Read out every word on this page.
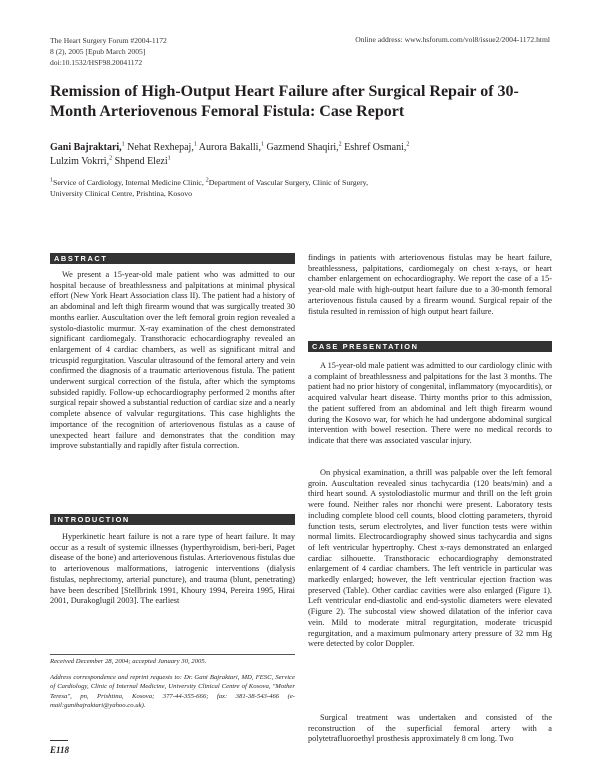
The Heart Surgery Forum #2004-1172
8 (2), 2005 [Epub March 2005]
doi:10.1532/HSF98.20041172
Online address: www.hsforum.com/vol8/issue2/2004-1172.html
Remission of High-Output Heart Failure after Surgical Repair of 30-Month Arteriovenous Femoral Fistula: Case Report
Gani Bajraktari,$^1$ Nehat Rexhepaj,$^1$ Aurora Bakalli,$^1$ Gazmend Shaqiri,$^2$ Eshref Osmani,$^2$
Lulzim Vokrri,$^2$ Shpend Elezi$^1$
$^1$Service of Cardiology, Internal Medicine Clinic, $^2$Department of Vascular Surgery, Clinic of Surgery,
University Clinical Centre, Prishtina, Kosovo
ABSTRACT

We present a 15-year-old male patient who was admitted to our hospital because of breathlessness and palpitations at minimal physical effort (New York Heart Association class II). The patient had a history of an abdominal and left thigh firearm wound that was surgically treated 30 months earlier. Auscultation over the left femoral groin region revealed a systolo-diastolic murmur. X-ray examination of the chest demonstrated significant cardiomegaly. Transthoracic echocardiography revealed an enlargement of 4 cardiac chambers, as well as significant mitral and tricuspid regurgitation. Vascular ultrasound of the femoral artery and vein confirmed the diagnosis of a traumatic arteriovenous fistula. The patient underwent surgical correction of the fistula, after which the symptoms subsided rapidly. Follow-up echocardiography performed 2 months after surgical repair showed a substantial reduction of cardiac size and a nearly complete absence of valvular regurgitations. This case highlights the importance of the recognition of arteriovenous fistulas as a cause of unexpected heart failure and demonstrates that the condition may improve substantially and rapidly after fistula correction.

INTRODUCTION

Hyperkinetic heart failure is not a rare type of heart failure. It may occur as a result of systemic illnesses (hyperthyroidism, beri-beri, Paget disease of the bone) and arteriovenous fistulas. Arteriovenous fistulas due to arteriovenous malformations, iatrogenic interventions (dialysis fistulas, nephrectomy, arterial puncture), and trauma (blunt, penetrating) have been described [Stellbrink 1991, Khoury 1994, Pereira 1995, Hirai 2001, Durakoglugil 2003]. The earliest

Received December 28, 2004; accepted January 30, 2005.

Address correspondence and reprint requests to: Dr. Gani Bajraktari, MD, FESC, Service of Cardiology, Clinic of Internal Medicine, University Clinical Centre of Kosova, "Mother Teresa", pn, Prishtina, Kosova; 377-44-355-666; fax: 381-38-543-466 (e-mail:ganibajraktari@yahoo.co.uk).

E118

findings in patients with arteriovenous fistulas may be heart failure, breathlessness, palpitations, cardiomegaly on chest x-rays, or heart chamber enlargement on echocardiography. We report the case of a 15-year-old male with high-output heart failure due to a 30-month femoral arteriovenous fistula caused by a firearm wound. Surgical repair of the fistula resulted in remission of high output heart failure.

CASE PRESENTATION

A 15-year-old male patient was admitted to our cardiology clinic with a complaint of breathlessness and palpitations for the last 3 months. The patient had no prior history of congenital, inflammatory (myocarditis), or acquired valvular heart disease. Thirty months prior to this admission, the patient suffered from an abdominal and left thigh firearm wound during the Kosovo war, for which he had undergone abdominal surgical intervention with bowel resection. There were no medical records to indicate that there was associated vascular injury.

On physical examination, a thrill was palpable over the left femoral groin. Auscultation revealed sinus tachycardia (120 beats/min) and a third heart sound. A systolodiastolic murmur and thrill on the left groin were found. Neither rales nor rhonchi were present. Laboratory tests including complete blood cell counts, blood clotting parameters, thyroid function tests, serum electrolytes, and liver function tests were within normal limits. Electrocardiography showed sinus tachycardia and signs of left ventricular hypertrophy. Chest x-rays demonstrated an enlarged cardiac silhouette. Transthoracic echocardiography demonstrated enlargement of 4 cardiac chambers. The left ventricle in particular was markedly enlarged; however, the left ventricular ejection fraction was preserved (Table). Other cardiac cavities were also enlarged (Figure 1). Left ventricular end-diastolic and end-systolic diameters were elevated (Figure 2). The subcostal view showed dilatation of the inferior cava vein. Mild to moderate mitral regurgitation, moderate tricuspid regurgitation, and a maximum pulmonary artery pressure of 32 mm Hg were detected by color Doppler.

Surgical treatment was undertaken and consisted of the reconstruction of the superficial femoral artery with a polytetrafluoroethyl prosthesis approximately 8 cm long. Two
